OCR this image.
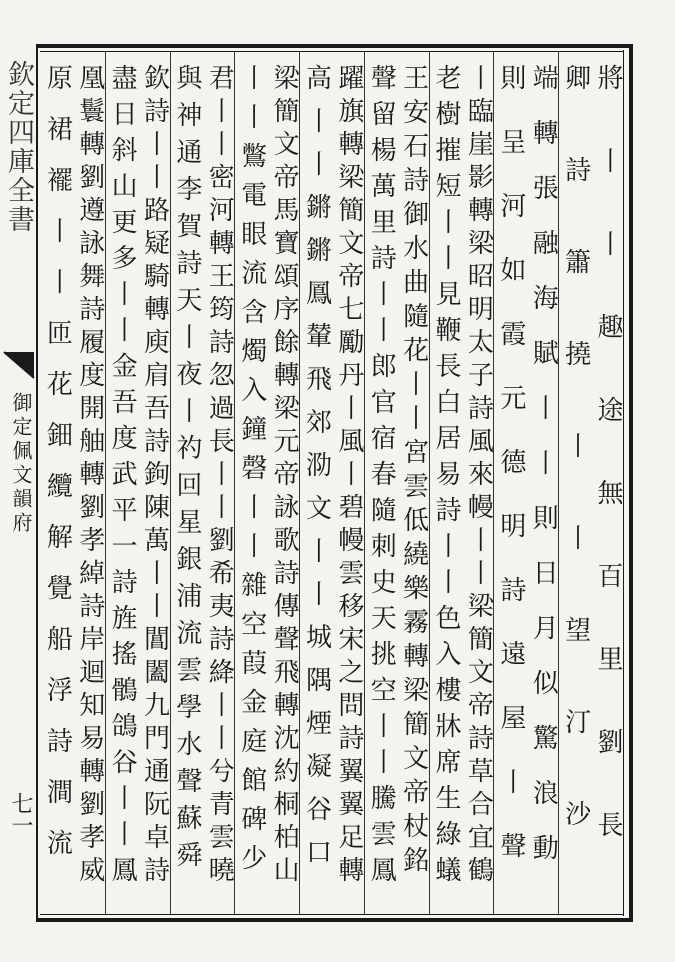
欽定四庫全書
御定佩文韻府
七一	將丨丨趣途無百里劉長
卿詩簫撓丨丨望汀沙
端轉張融海賦丨丨則日月似驚浪動
則呈河如霞元德明詩遠屋丨聲
丨臨崖影轉梁昭明太子詩風來幔丨丨梁簡文帝詩草合宜鶴
老樹摧短丨丨見鞭長白居易詩丨丨色入樓牀席生綠蟻
王安石詩御水曲隨花丨丨宮雲低繞樂霧轉梁簡文帝杖銘
聲留楊萬里詩丨丨郎官宿春隨刺史天挑空丨丨騰雲鳳
躍旗轉梁簡文帝七勵丹丨風丨碧幔雲移宋之問詩翼翼足轉
高丨丨鏘鏘鳳輦飛郊泐文丨丨城隅煙凝谷口
梁簡文帝馬寶頌序餘轉梁元帝詠歌詩傳聲飛轉沈約桐柏山
丨丨鷩電眼流含燭入鐘磬丨丨雜空葭金庭館碑少
君丨丨密河轉王筠詩忽過長丨丨劉希夷詩絳丨丨兮青雲曉
與神通李賀詩天丨夜丨礿回星銀浦流雲學水聲蘇舜
欽詩丨丨路疑騎轉庾肩吾詩鉤陳萬丨丨閶闔九門通阮卓詩
盡日斜山更多丨丨金吾度武平一詩旌搖鶻鴿谷丨丨鳳
凰鬟轉劉遵詠舞詩履度開舳轉劉孝綽詩岸迴知易轉劉孝威
原裙襬丨丨匝花鈿纜解覺船浮詩澗流
